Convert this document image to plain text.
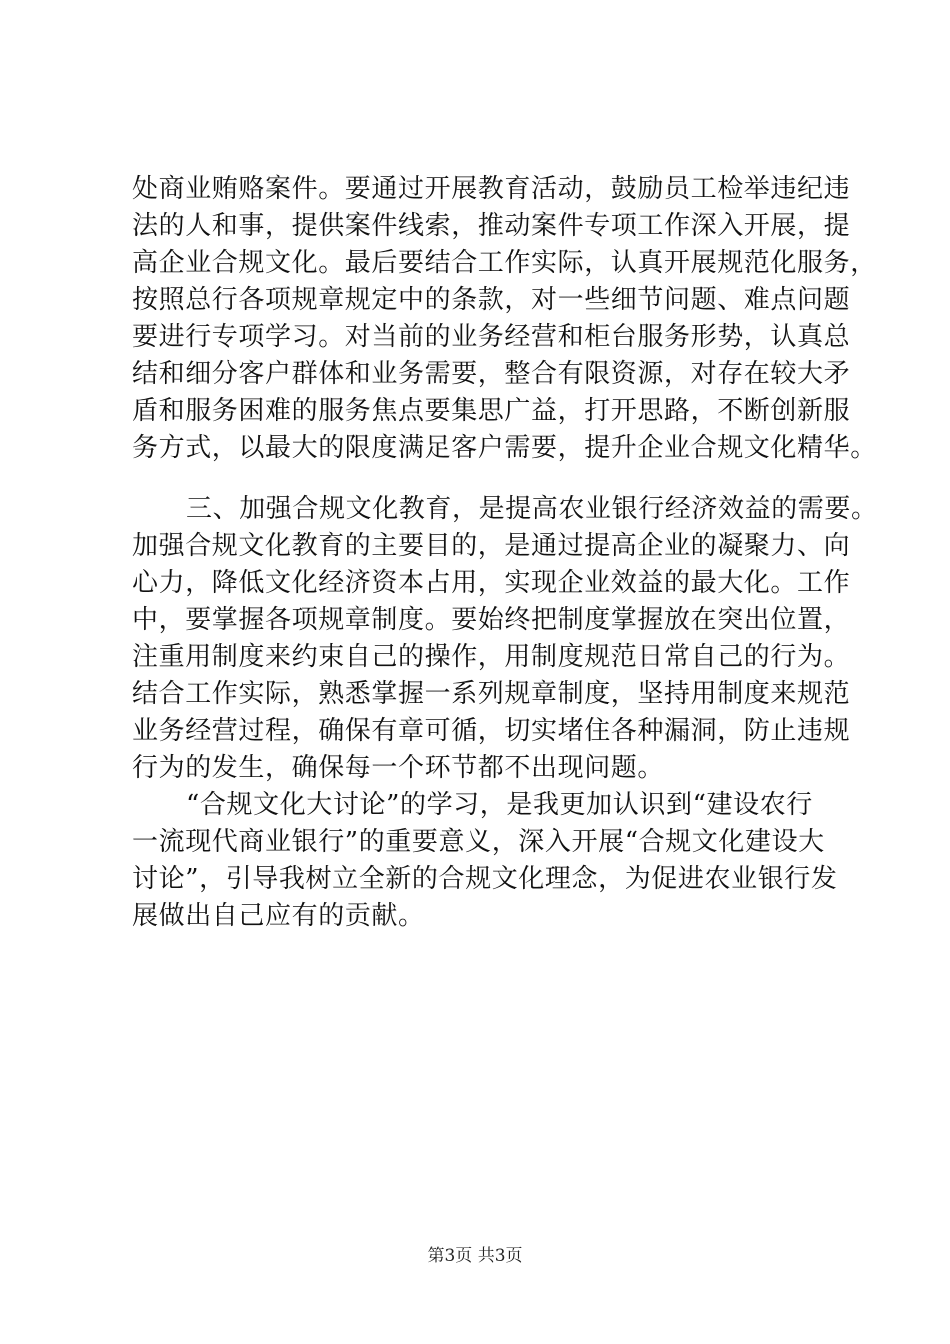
处商业贿赂案件。要通过开展教育活动，鼓励员工检举违纪违
法的人和事，提供案件线索，推动案件专项工作深入开展，提
高企业合规文化。最后要结合工作实际，认真开展规范化服务，
按照总行各项规章规定中的条款，对一些细节问题、难点问题
要进行专项学习。对当前的业务经营和柜台服务形势，认真总
结和细分客户群体和业务需要，整合有限资源，对存在较大矛
盾和服务困难的服务焦点要集思广益，打开思路，不断创新服
务方式，以最大的限度满足客户需要，提升企业合规文化精华。
三、加强合规文化教育，是提高农业银行经济效益的需要。
加强合规文化教育的主要目的，是通过提高企业的凝聚力、向
心力，降低文化经济资本占用，实现企业效益的最大化。工作
中，要掌握各项规章制度。要始终把制度掌握放在突出位置，
注重用制度来约束自己的操作，用制度规范日常自己的行为。
结合工作实际，熟悉掌握一系列规章制度，坚持用制度来规范
业务经营过程，确保有章可循，切实堵住各种漏洞，防止违规
行为的发生，确保每一个环节都不出现问题。
“合规文化大讨论”的学习，是我更加认识到“建设农行
一流现代商业银行”的重要意义，深入开展“合规文化建设大
讨论”，引导我树立全新的合规文化理念，为促进农业银行发
展做出自己应有的贡献。
第3页 共3页
